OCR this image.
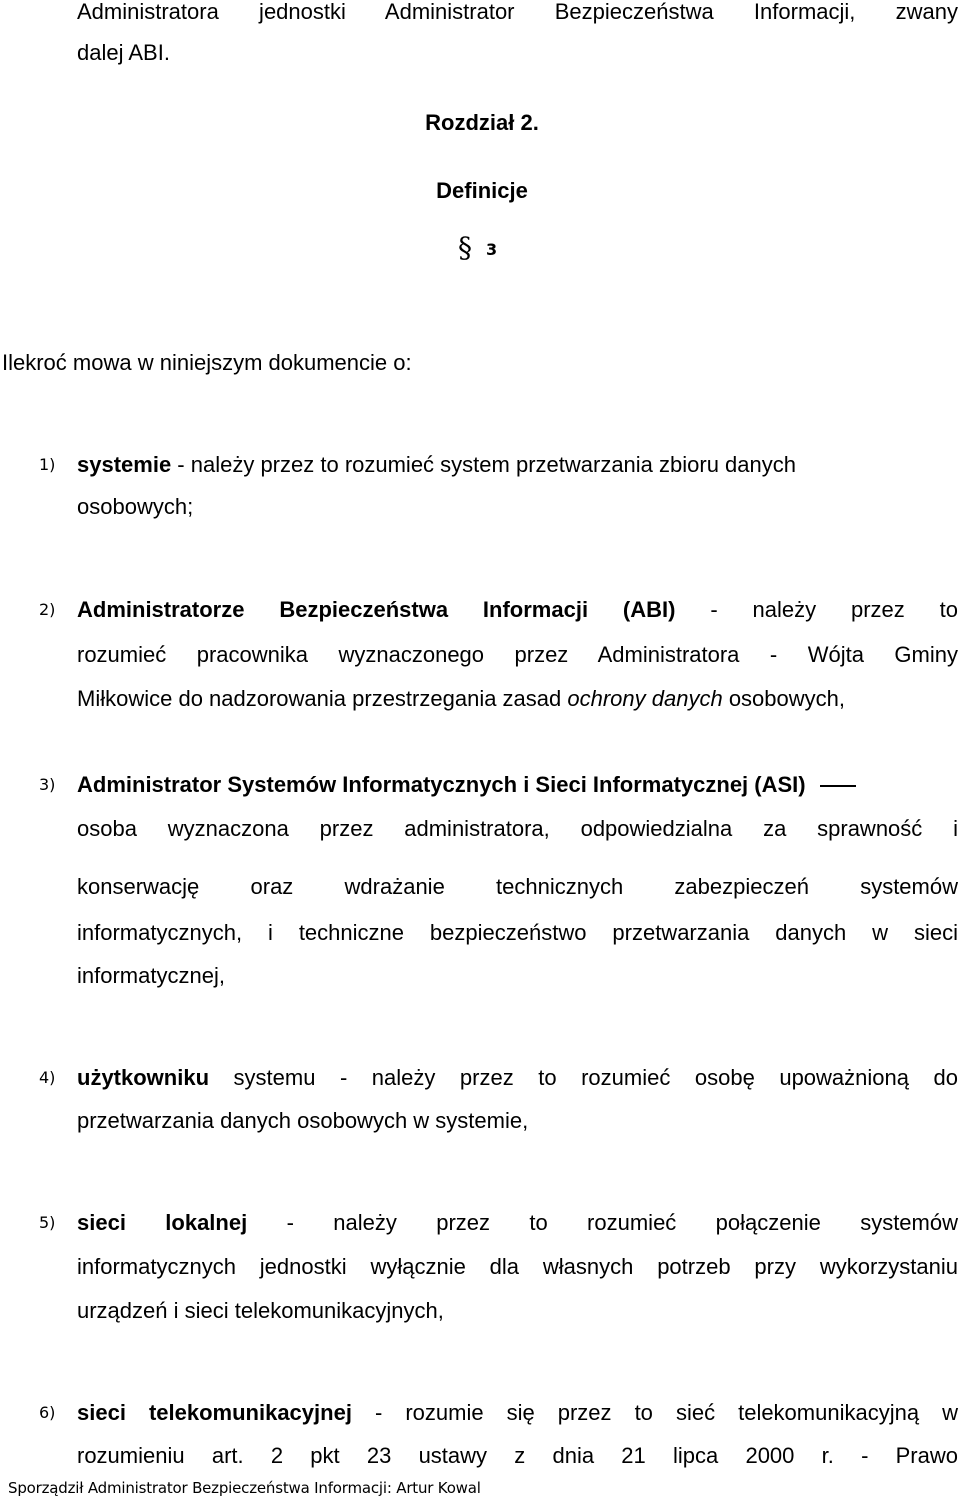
Administratora jednostki Administrator Bezpieczeństwa Informacji, zwany
dalej ABI.
Rozdział 2.
Definicje
§ 3
Ilekroć mowa w niniejszym dokumencie o:
1) systemie - należy przez to rozumieć system przetwarzania zbioru danych
osobowych;
2) Administratorze Bezpieczeństwa Informacji (ABI) - należy przez to
rozumieć pracownika wyznaczonego przez Administratora - Wójta Gminy
Miłkowice do nadzorowania przestrzegania zasad ochrony danych osobowych,
3) Administrator Systemów Informatycznych i Sieci Informatycznej (ASI)
osoba wyznaczona przez administratora, odpowiedzialna za sprawność i
konserwację oraz wdrażanie technicznych zabezpieczeń systemów
informatycznych, i techniczne bezpieczeństwo przetwarzania danych w sieci
informatycznej,
4) użytkowniku systemu - należy przez to rozumieć osobę upoważnioną do
przetwarzania danych osobowych w systemie,
5) sieci lokalnej - należy przez to rozumieć połączenie systemów
informatycznych jednostki wyłącznie dla własnych potrzeb przy wykorzystaniu
urządzeń i sieci telekomunikacyjnych,
6) sieci telekomunikacyjnej - rozumie się przez to sieć telekomunikacyjną w
rozumieniu art. 2 pkt 23 ustawy z dnia 21 lipca 2000 r. - Prawo
Sporządził Administrator Bezpieczeństwa Informacji: Artur Kowal
